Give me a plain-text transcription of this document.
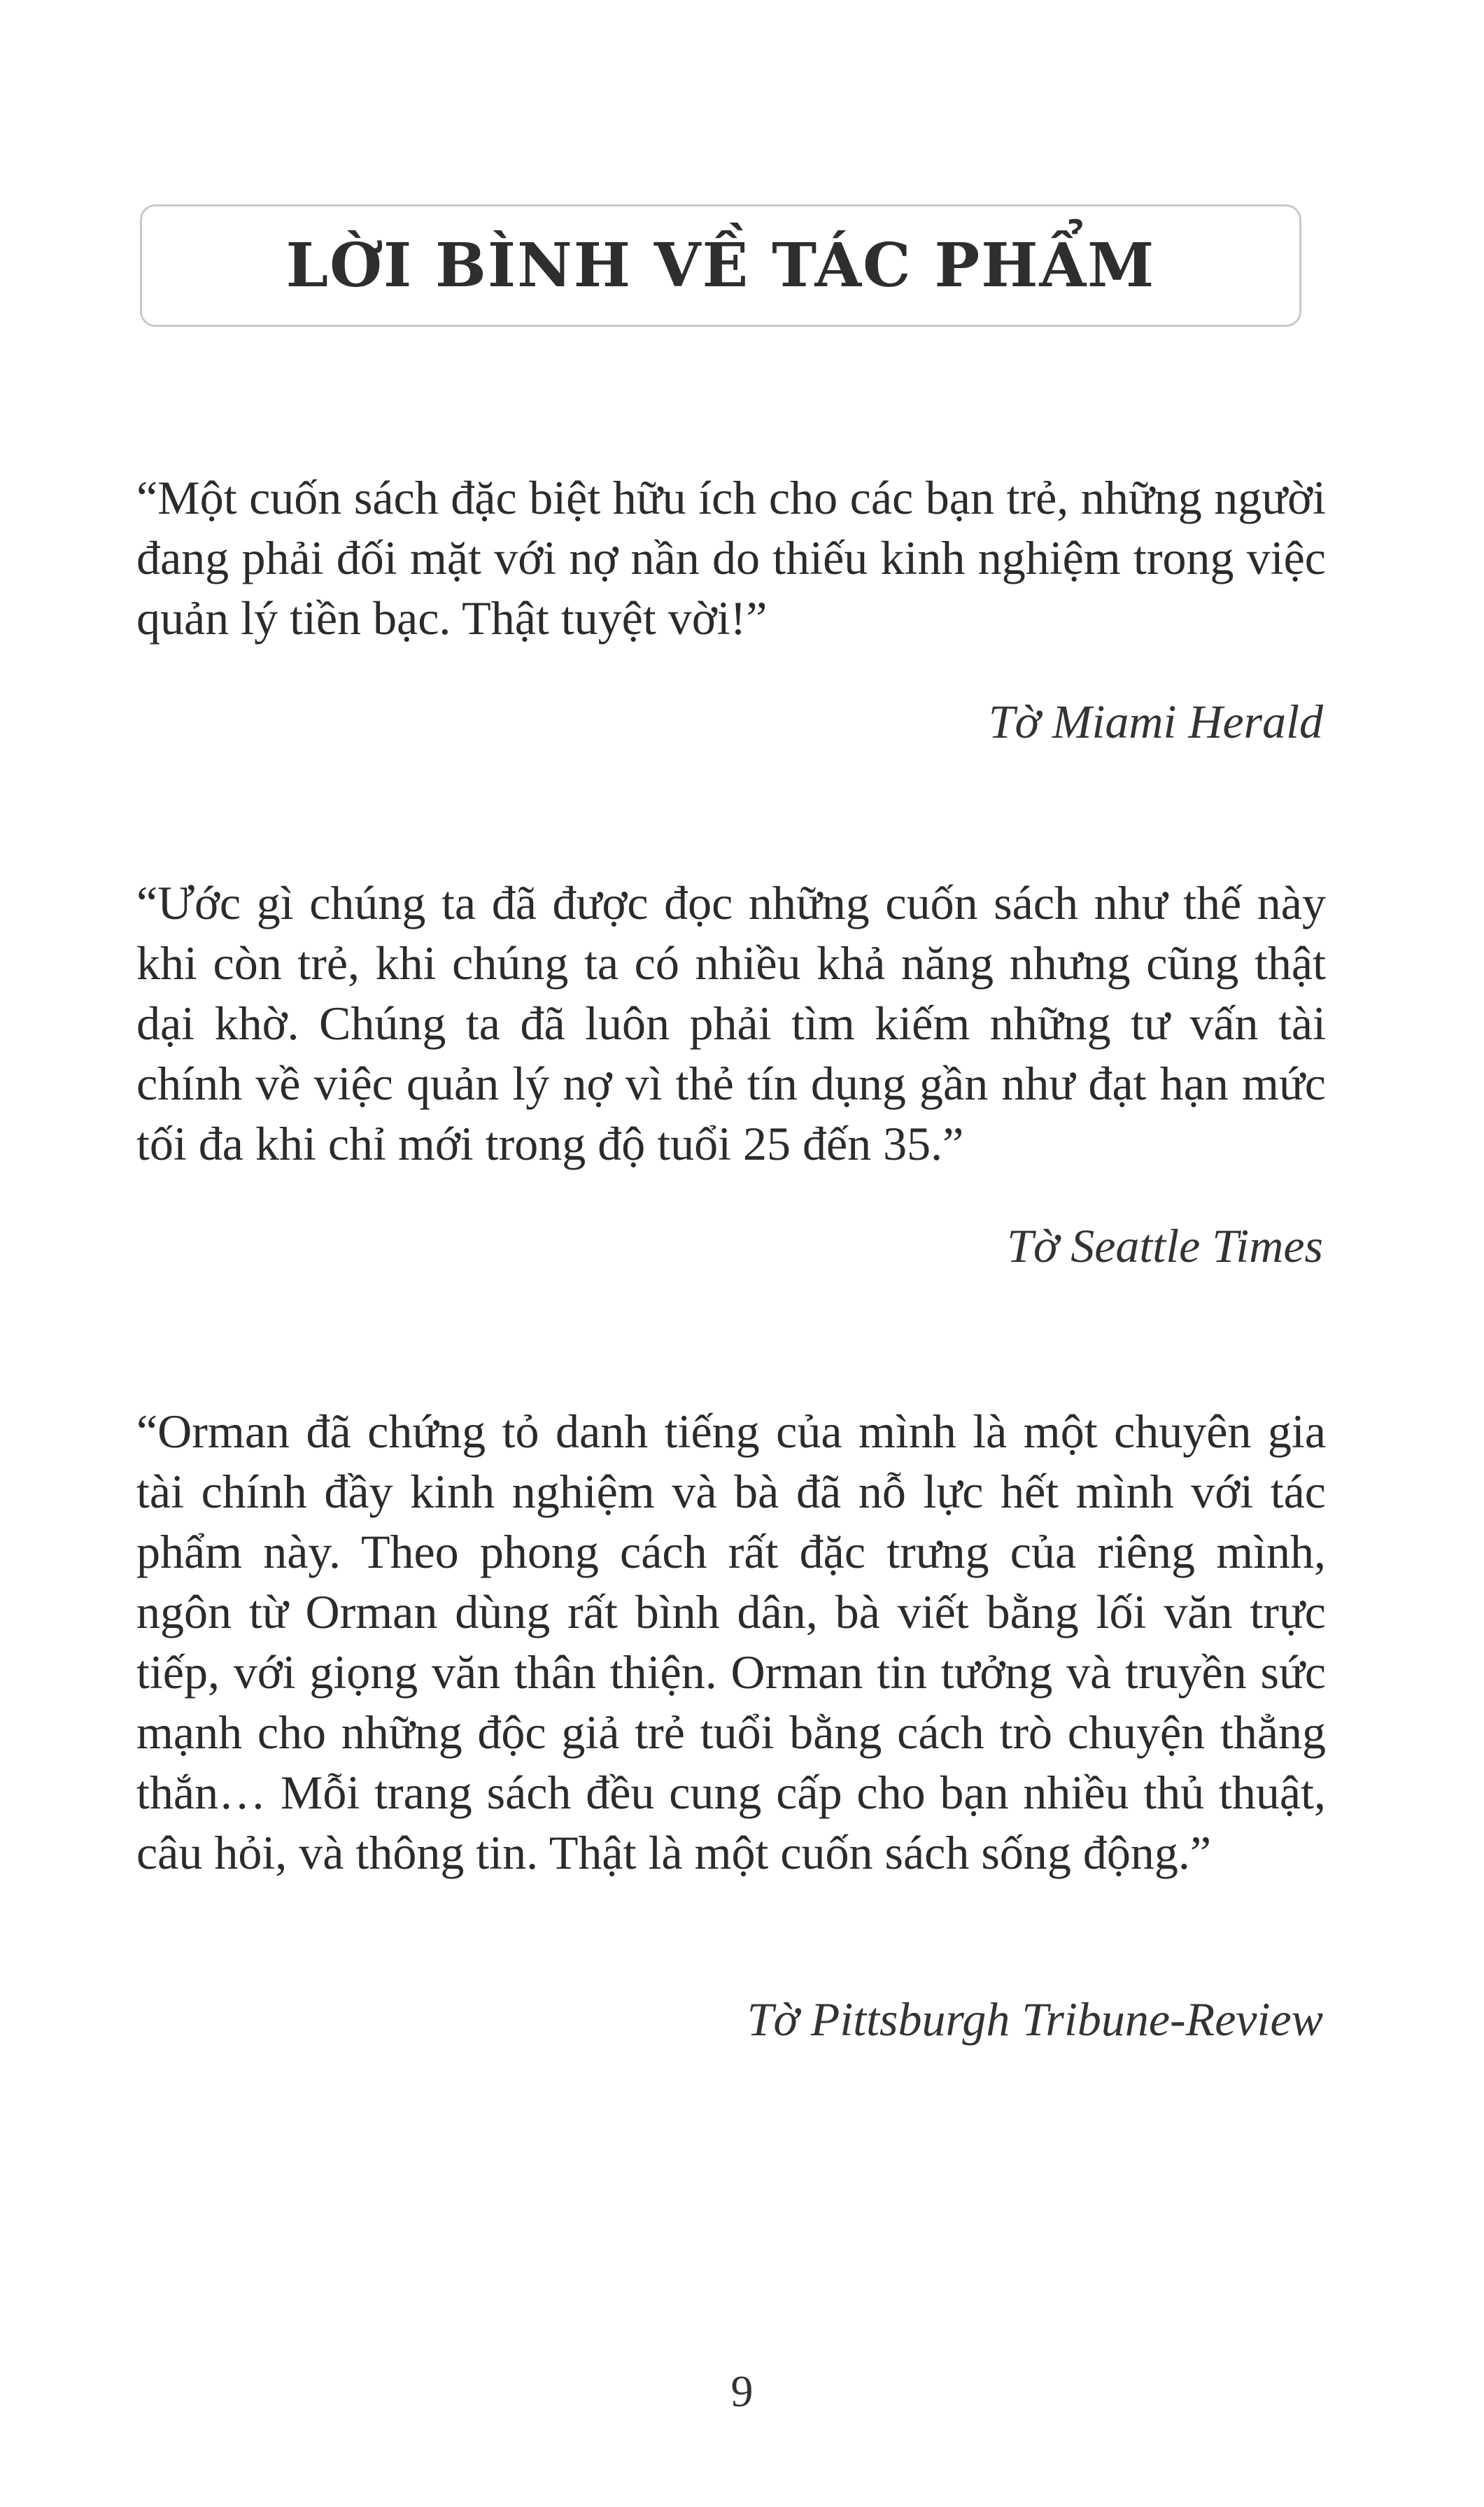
LỜI BÌNH VỀ TÁC PHẨM
“Một cuốn sách đặc biệt hữu ích cho các bạn trẻ, những người đang phải đối mặt với nợ nần do thiếu kinh nghiệm trong việc quản lý tiền bạc. Thật tuyệt vời!”
Tờ Miami Herald
“Ước gì chúng ta đã được đọc những cuốn sách như thế này khi còn trẻ, khi chúng ta có nhiều khả năng nhưng cũng thật dại khờ. Chúng ta đã luôn phải tìm kiếm những tư vấn tài chính về việc quản lý nợ vì thẻ tín dụng gần như đạt hạn mức tối đa khi chỉ mới trong độ tuổi 25 đến 35.”
Tờ Seattle Times
“Orman đã chứng tỏ danh tiếng của mình là một chuyên gia tài chính đầy kinh nghiệm và bà đã nỗ lực hết mình với tác phẩm này. Theo phong cách rất đặc trưng của riêng mình, ngôn từ Orman dùng rất bình dân, bà viết bằng lối văn trực tiếp, với giọng văn thân thiện. Orman tin tưởng và truyền sức mạnh cho những độc giả trẻ tuổi bằng cách trò chuyện thẳng thắn… Mỗi trang sách đều cung cấp cho bạn nhiều thủ thuật, câu hỏi, và thông tin. Thật là một cuốn sách sống động.”
Tờ Pittsburgh Tribune-Review
9
